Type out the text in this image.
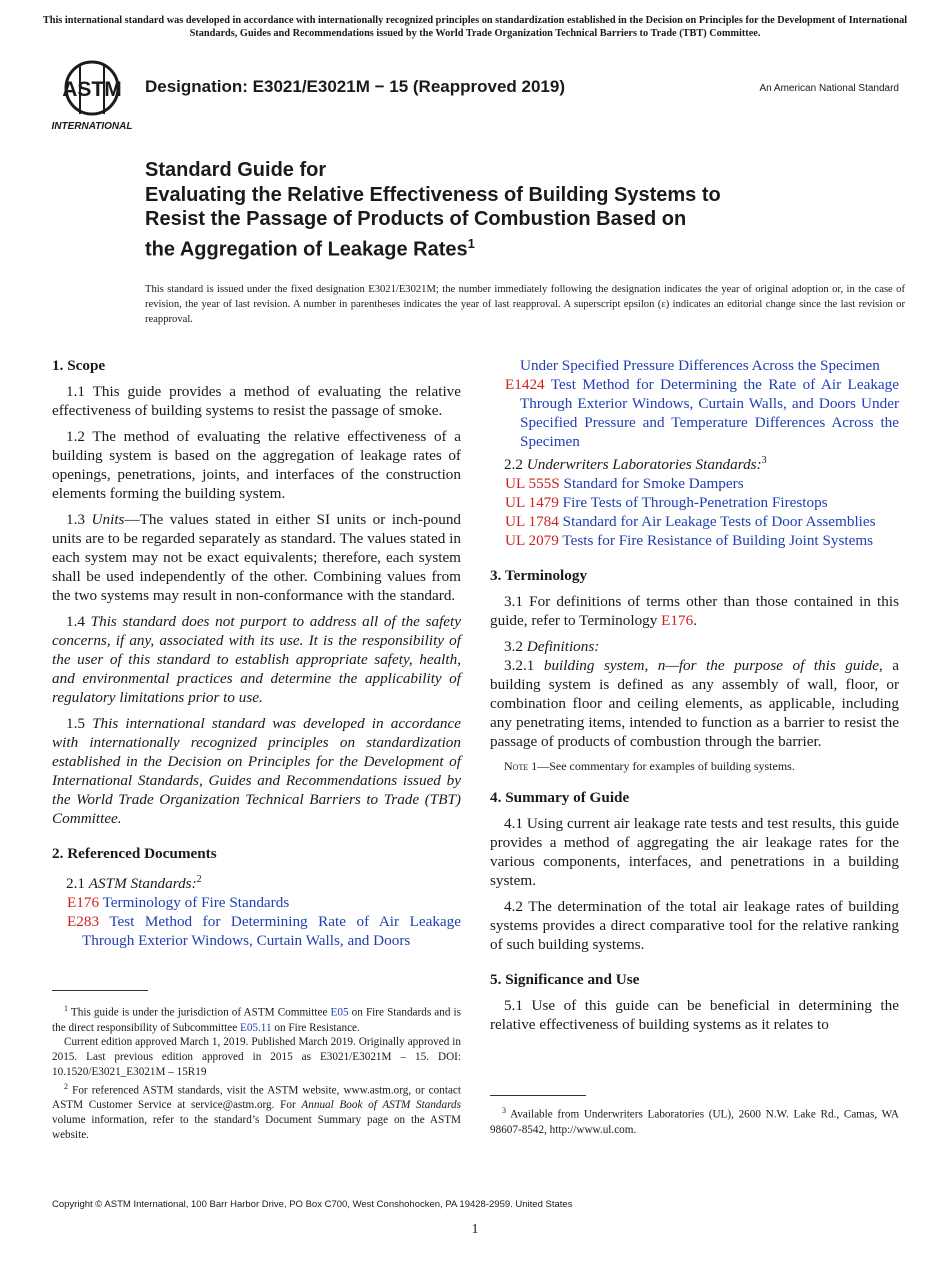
This international standard was developed in accordance with internationally recognized principles on standardization established in the Decision on Principles for the Development of International Standards, Guides and Recommendations issued by the World Trade Organization Technical Barriers to Trade (TBT) Committee.
ASTM
INTERNATIONAL
Designation: E3021/E3021M − 15 (Reapproved 2019)	An American National Standard
Standard Guide for
Evaluating the Relative Effectiveness of Building Systems to
Resist the Passage of Products of Combustion Based on
the Aggregation of Leakage Rates$^1$
This standard is issued under the fixed designation E3021/E3021M; the number immediately following the designation indicates the year of original adoption or, in the case of revision, the year of last revision. A number in parentheses indicates the year of last reapproval. A superscript epsilon (ε) indicates an editorial change since the last revision or reapproval.
1. Scope

1.1 This guide provides a method of evaluating the relative effectiveness of building systems to resist the passage of smoke.

1.2 The method of evaluating the relative effectiveness of a building system is based on the aggregation of leakage rates of openings, penetrations, joints, and interfaces of the construction elements forming the building system.

1.3 Units—The values stated in either SI units or inch-pound units are to be regarded separately as standard. The values stated in each system may not be exact equivalents; therefore, each system shall be used independently of the other. Combining values from the two systems may result in non-conformance with the standard.

1.4 This standard does not purport to address all of the safety concerns, if any, associated with its use. It is the responsibility of the user of this standard to establish appropriate safety, health, and environmental practices and determine the applicability of regulatory limitations prior to use.

1.5 This international standard was developed in accordance with internationally recognized principles on standardization established in the Decision on Principles for the Development of International Standards, Guides and Recommendations issued by the World Trade Organization Technical Barriers to Trade (TBT) Committee.

2. Referenced Documents

2.1 ASTM Standards:$^2$

E176 Terminology of Fire Standards

E283 Test Method for Determining Rate of Air Leakage Through Exterior Windows, Curtain Walls, and Doors

$^1$ This guide is under the jurisdiction of ASTM Committee E05 on Fire Standards and is the direct responsibility of Subcommittee E05.11 on Fire Resistance.

Current edition approved March 1, 2019. Published March 2019. Originally approved in 2015. Last previous edition approved in 2015 as E3021/E3021M – 15. DOI: 10.1520/E3021_E3021M – 15R19

$^2$ For referenced ASTM standards, visit the ASTM website, www.astm.org, or contact ASTM Customer Service at service@astm.org. For Annual Book of ASTM Standards volume information, refer to the standard’s Document Summary page on the ASTM website.

Under Specified Pressure Differences Across the Specimen

E1424 Test Method for Determining the Rate of Air Leakage Through Exterior Windows, Curtain Walls, and Doors Under Specified Pressure and Temperature Differences Across the Specimen

2.2 Underwriters Laboratories Standards:$^3$

UL 555S Standard for Smoke Dampers

UL 1479 Fire Tests of Through-Penetration Firestops

UL 1784 Standard for Air Leakage Tests of Door Assemblies

UL 2079 Tests for Fire Resistance of Building Joint Systems

3. Terminology

3.1 For definitions of terms other than those contained in this guide, refer to Terminology E176.

3.2 Definitions:

3.2.1 building system, n—for the purpose of this guide, a building system is defined as any assembly of wall, floor, or combination floor and ceiling elements, as applicable, including any penetrating items, intended to function as a barrier to resist the passage of products of combustion through the barrier.

Note 1—See commentary for examples of building systems.

4. Summary of Guide

4.1 Using current air leakage rate tests and test results, this guide provides a method of aggregating the air leakage rates for the various components, interfaces, and penetrations in a building system.

4.2 The determination of the total air leakage rates of building systems provides a direct comparative tool for the relative ranking of such building systems.

5. Significance and Use

5.1 Use of this guide can be beneficial in determining the relative effectiveness of building systems as it relates to

$^3$ Available from Underwriters Laboratories (UL), 2600 N.W. Lake Rd., Camas, WA 98607-8542, http://www.ul.com.

Copyright © ASTM International, 100 Barr Harbor Drive, PO Box C700, West Conshohocken, PA 19428-2959. United States
1
